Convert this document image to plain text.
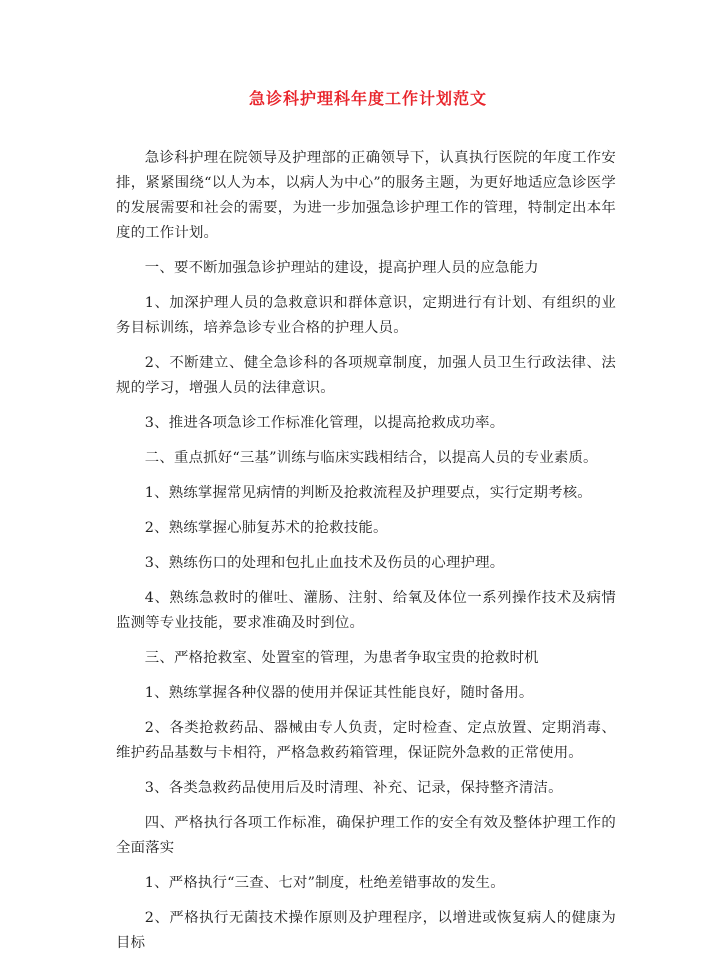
急诊科护理科年度工作计划范文

急诊科护理在院领导及护理部的正确领导下，认真执行医院的年度工作安排，紧紧围绕“以人为本，以病人为中心”的服务主题，为更好地适应急诊医学的发展需要和社会的需要，为进一步加强急诊护理工作的管理，特制定出本年度的工作计划。

一、要不断加强急诊护理站的建设，提高护理人员的应急能力

1、加深护理人员的急救意识和群体意识，定期进行有计划、有组织的业务目标训练，培养急诊专业合格的护理人员。

2、不断建立、健全急诊科的各项规章制度，加强人员卫生行政法律、法规的学习，增强人员的法律意识。

3、推进各项急诊工作标准化管理，以提高抢救成功率。

二、重点抓好“三基”训练与临床实践相结合，以提高人员的专业素质。

1、熟练掌握常见病情的判断及抢救流程及护理要点，实行定期考核。

2、熟练掌握心肺复苏术的抢救技能。

3、熟练伤口的处理和包扎止血技术及伤员的心理护理。

4、熟练急救时的催吐、灌肠、注射、给氧及体位一系列操作技术及病情监测等专业技能，要求准确及时到位。

三、严格抢救室、处置室的管理，为患者争取宝贵的抢救时机

1、熟练掌握各种仪器的使用并保证其性能良好，随时备用。

2、各类抢救药品、器械由专人负责，定时检查、定点放置、定期消毒、维护药品基数与卡相符，严格急救药箱管理，保证院外急救的正常使用。

3、各类急救药品使用后及时清理、补充、记录，保持整齐清洁。

四、严格执行各项工作标准，确保护理工作的安全有效及整体护理工作的全面落实

1、严格执行“三查、七对”制度，杜绝差错事故的发生。

2、严格执行无菌技术操作原则及护理程序，以增进或恢复病人的健康为目标
